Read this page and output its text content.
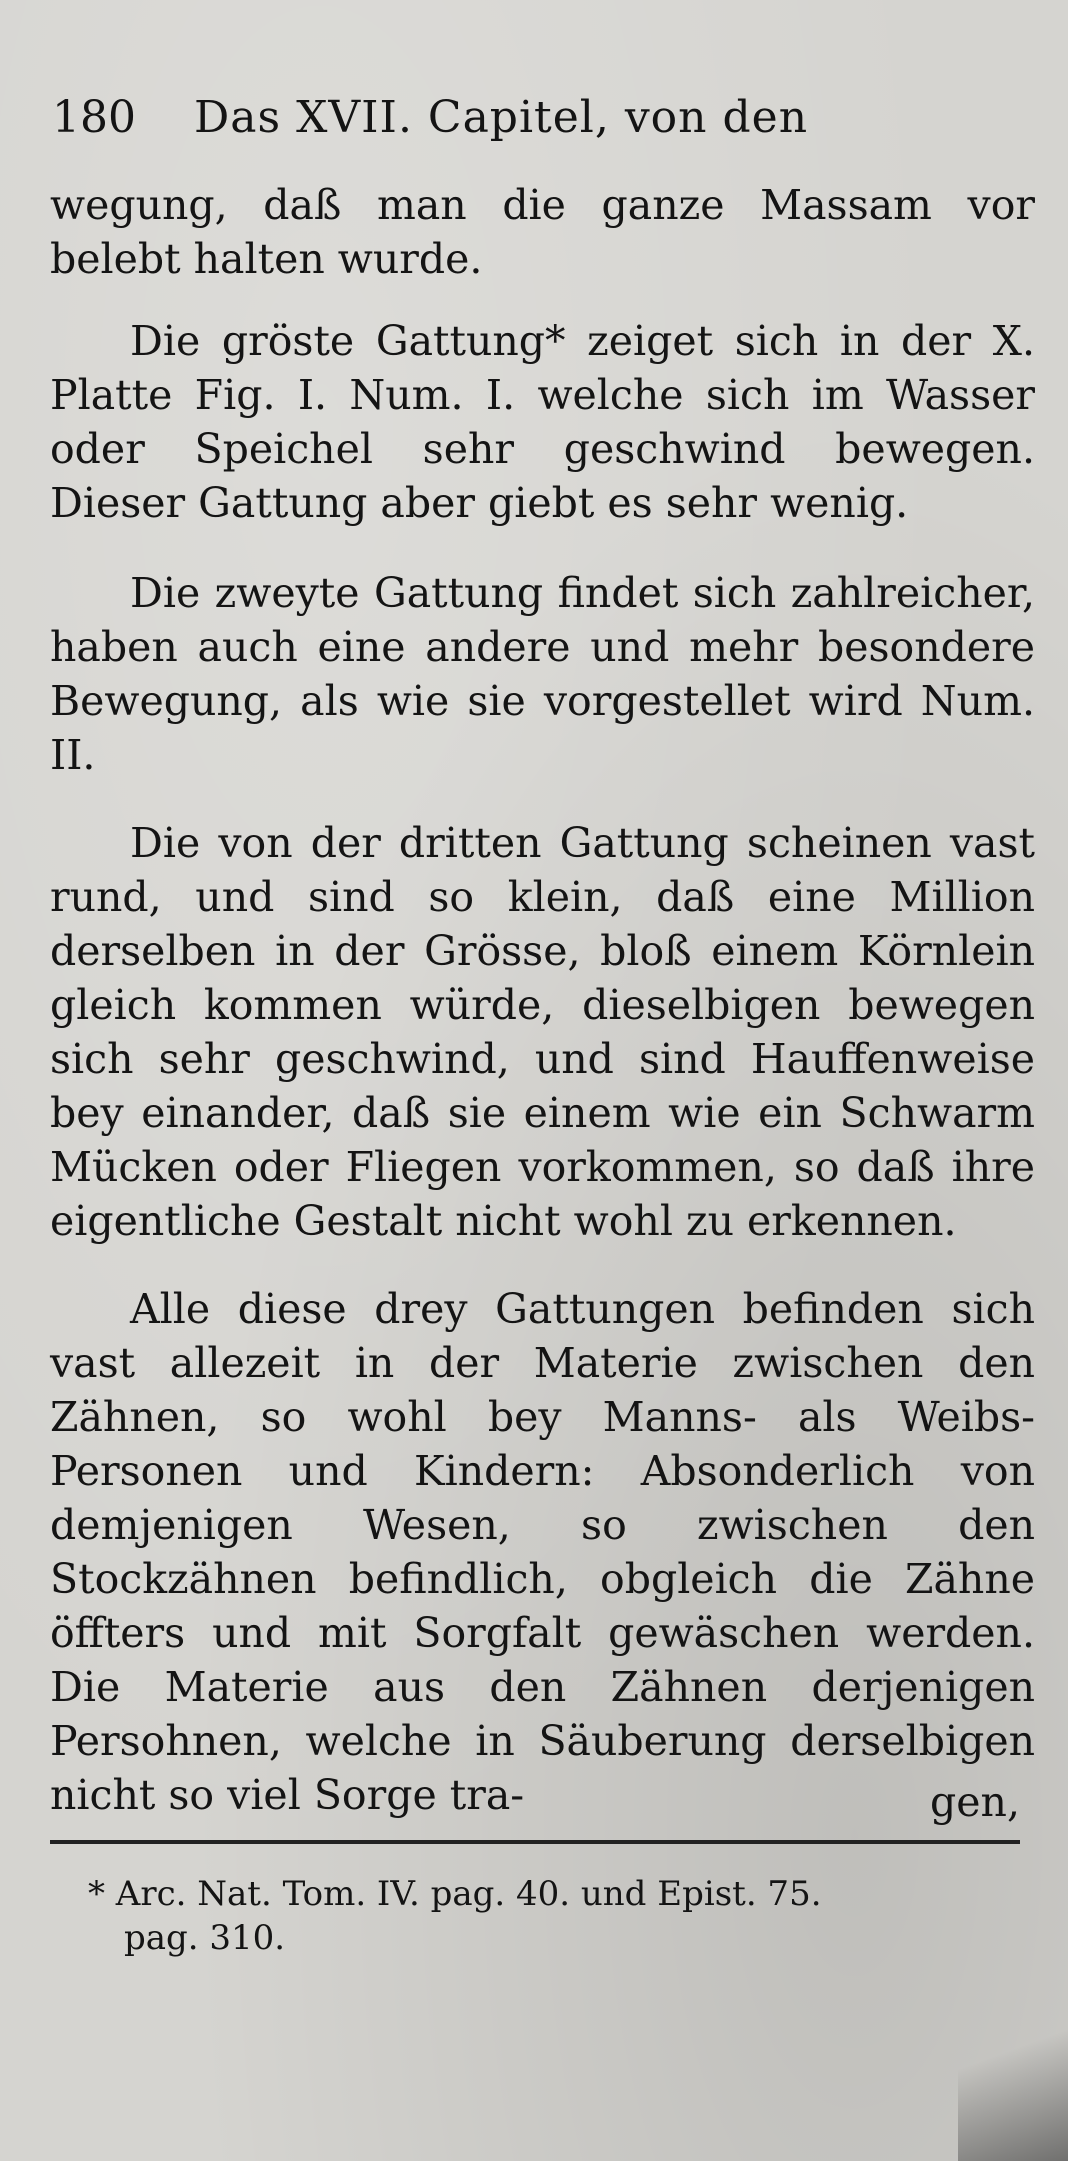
180 Das XVII. Capitel, von den

wegung, daß man die ganze Massam vor belebt halten wurde.

Die gröste Gattung* zeiget sich in der X. Platte Fig. I. Num. I. welche sich im Wasser oder Speichel sehr geschwind bewegen. Dieser Gattung aber giebt es sehr wenig.

Die zweyte Gattung findet sich zahlreicher, haben auch eine andere und mehr besondere Bewegung, als wie sie vorgestellet wird Num. II.

Die von der dritten Gattung scheinen vast rund, und sind so klein, daß eine Million derselben in der Grösse, bloß einem Körnlein gleich kommen würde, dieselbigen bewegen sich sehr geschwind, und sind Hauffenweise bey einander, daß sie einem wie ein Schwarm Mücken oder Fliegen vorkommen, so daß ihre eigentliche Gestalt nicht wohl zu erkennen.

Alle diese drey Gattungen befinden sich vast allezeit in der Materie zwischen den Zähnen, so wohl bey Manns- als Weibs-Personen und Kindern: Absonderlich von demjenigen Wesen, so zwischen den Stockzähnen befindlich, obgleich die Zähne öffters und mit Sorgfalt gewäschen werden. Die Materie aus den Zähnen derjenigen Persohnen, welche in Säuberung derselbigen nicht so viel Sorge tra-	gen,
* Arc. Nat. Tom. IV. pag. 40. und Epist. 75.
pag. 310.
